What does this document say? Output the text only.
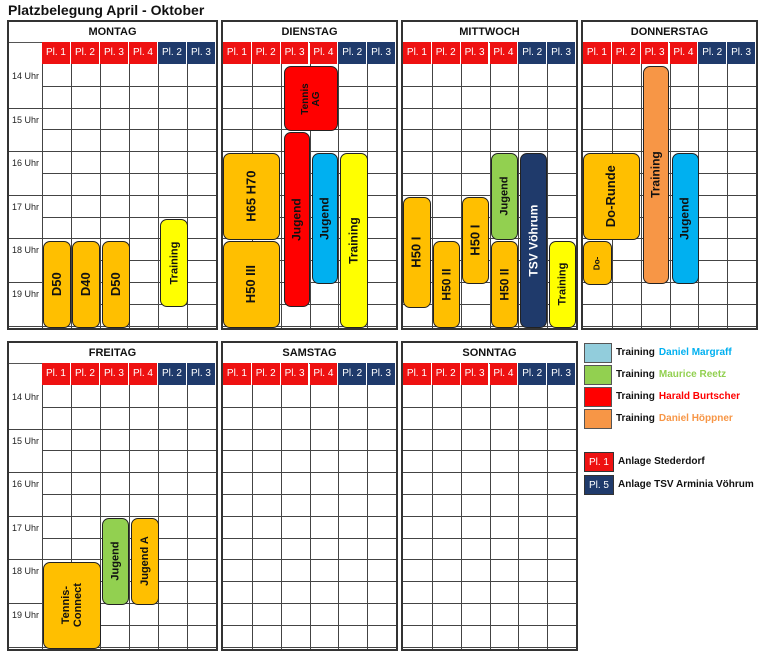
Platzbelegung April - Oktober
MONTAG
Pl. 1 Pl. 2 Pl. 3 Pl. 4 Pl. 2 Pl. 3
14 Uhr
15 Uhr
16 Uhr
17 Uhr
18 Uhr
19 Uhr D50 D40 D50
Training
DIENSTAG
Pl. 1 Pl. 2 Pl. 3 Pl. 4 Pl. 2 Pl. 3
H65 H70
H50 III
Tennis AG
Jugend Jugend Training
MITTWOCH
Pl. 1 Pl. 2 Pl. 3 Pl. 4 Pl. 2 Pl. 3
H50 I
H50 II
H50 I
Jugend
H50 II
TSV Vöhrum
Training
DONNERSTAG
Pl. 1 Pl. 2 Pl. 3 Pl. 4 Pl. 2 Pl. 3
Do-Runde
Do-
Training
Jugend
FREITAG
Pl. 1 Pl. 2 Pl. 3 Pl. 4 Pl. 2 Pl. 3
14 Uhr
15 Uhr
16 Uhr
17 Uhr
18 Uhr
19 Uhr Tennis-Connect
Jugend Jugend A
SAMSTAG
Pl. 1 Pl. 2 Pl. 3 Pl. 4 Pl. 2 Pl. 3
SONNTAG
Pl. 1 Pl. 2 Pl. 3 Pl. 4 Pl. 2 Pl. 3
Training Daniel Margraff
Training Maurice Reetz
Training Harald Burtscher
Training Daniel Höppner
Pl. 1 Anlage Stederdorf
Pl. 5 Anlage TSV Arminia Vöhrum
